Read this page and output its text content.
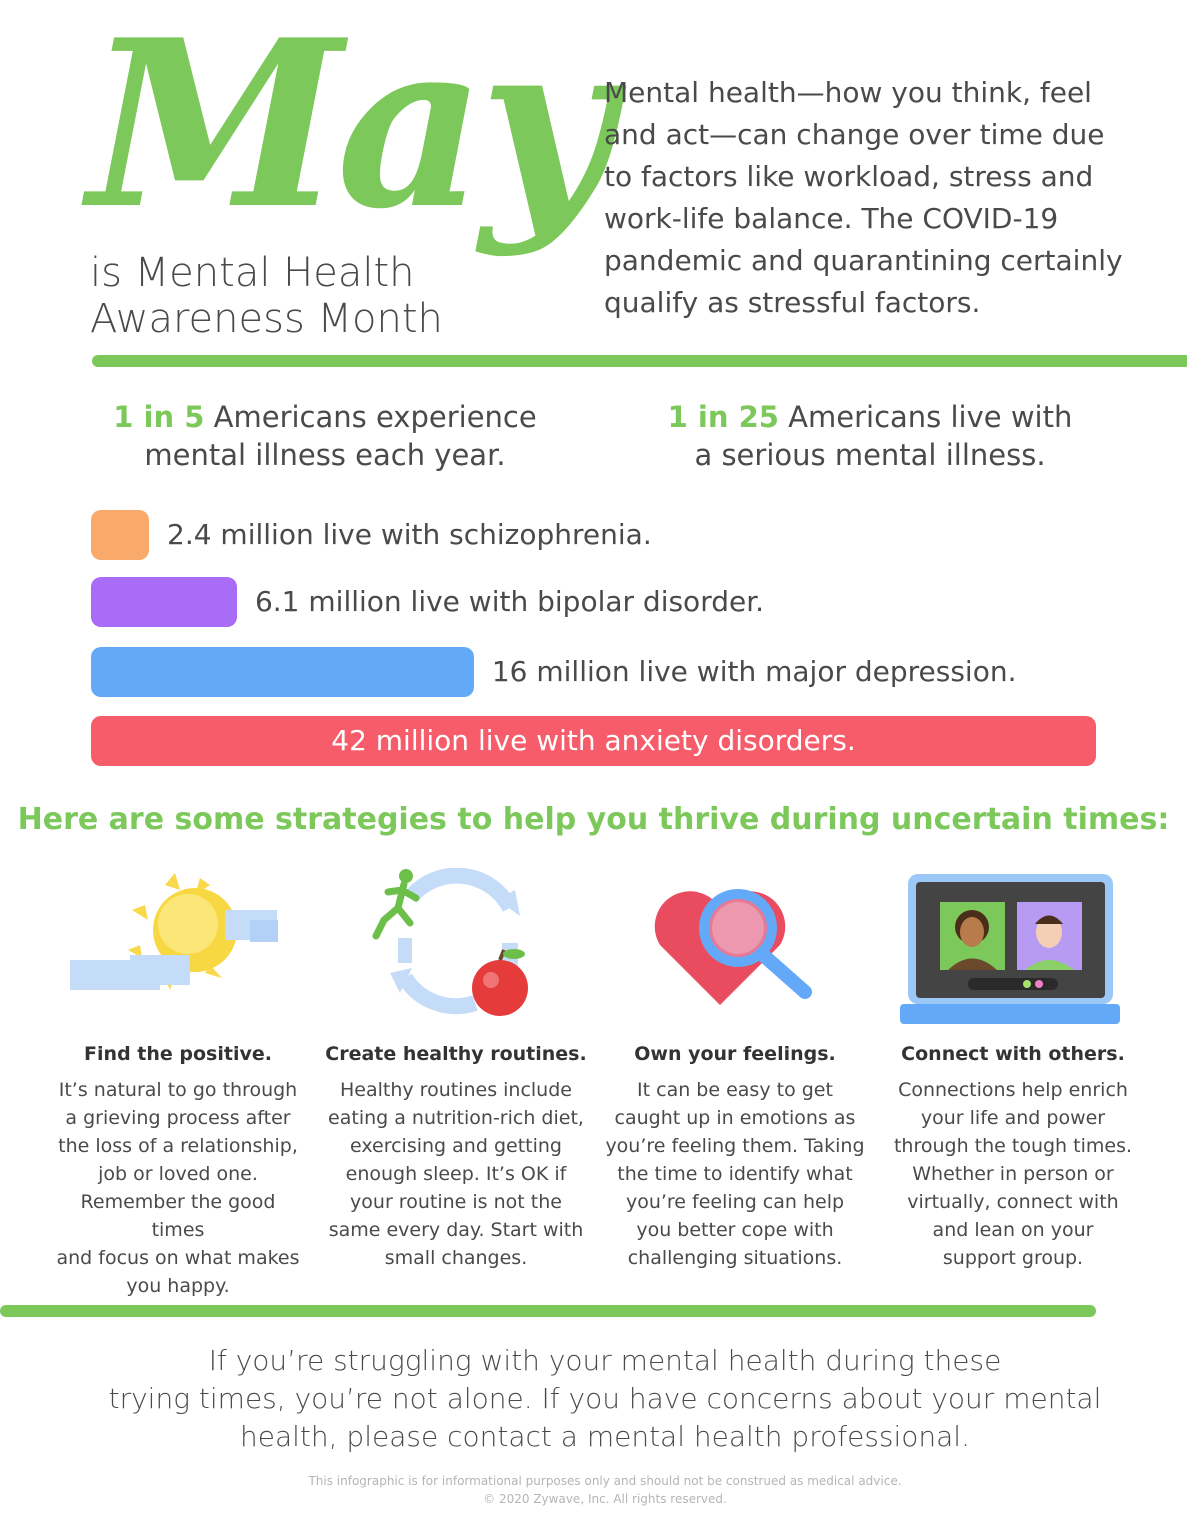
May
is Mental Health
Awareness Month
Mental health—how you think, feel and act—can change over time due to factors like workload, stress and work-life balance. The COVID-19 pandemic and quarantining certainly qualify as stressful factors.
1 in 5 Americans experience
mental illness each year.
1 in 25 Americans live with
a serious mental illness.
2.4 million live with schizophrenia.
6.1 million live with bipolar disorder.
16 million live with major depression.
42 million live with anxiety disorders.
Here are some strategies to help you thrive during uncertain times:
Find the positive.
It’s natural to go through
a grieving process after
the loss of a relationship,
job or loved one.
Remember the good times
and focus on what makes
you happy.
Create healthy routines.
Healthy routines include
eating a nutrition-rich diet,
exercising and getting
enough sleep. It’s OK if
your routine is not the
same every day. Start with
small changes.
Own your feelings.
It can be easy to get
caught up in emotions as
you’re feeling them. Taking
the time to identify what
you’re feeling can help
you better cope with
challenging situations.
Connect with others.
Connections help enrich
your life and power
through the tough times.
Whether in person or
virtually, connect with
and lean on your
support group.
If you’re struggling with your mental health during these
trying times, you’re not alone. If you have concerns about your mental
health, please contact a mental health professional.
This infographic is for informational purposes only and should not be construed as medical advice.
© 2020 Zywave, Inc. All rights reserved.
